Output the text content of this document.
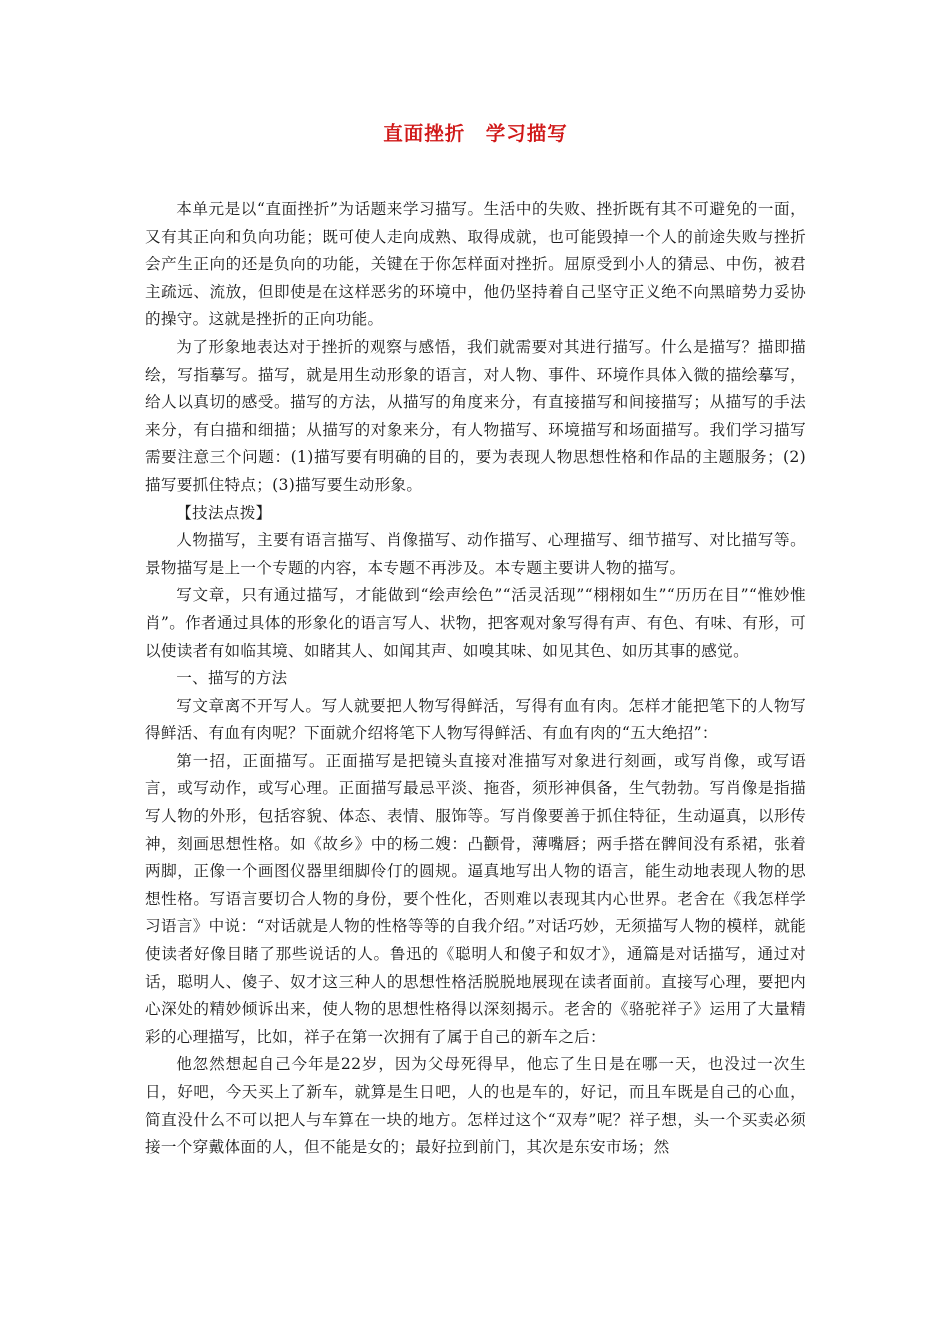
直面挫折　学习描写

本单元是以“直面挫折”为话题来学习描写。生活中的失败、挫折既有其不可避免的一面，又有其正向和负向功能；既可使人走向成熟、取得成就，也可能毁掉一个人的前途失败与挫折会产生正向的还是负向的功能，关键在于你怎样面对挫折。屈原受到小人的猜忌、中伤，被君主疏远、流放，但即使是在这样恶劣的环境中，他仍坚持着自己坚守正义绝不向黑暗势力妥协的操守。这就是挫折的正向功能。

为了形象地表达对于挫折的观察与感悟，我们就需要对其进行描写。什么是描写？描即描绘，写指摹写。描写，就是用生动形象的语言，对人物、事件、环境作具体入微的描绘摹写，给人以真切的感受。描写的方法，从描写的角度来分，有直接描写和间接描写；从描写的手法来分，有白描和细描；从描写的对象来分，有人物描写、环境描写和场面描写。我们学习描写需要注意三个问题：(1)描写要有明确的目的，要为表现人物思想性格和作品的主题服务；(2)描写要抓住特点；(3)描写要生动形象。

【技法点拨】

人物描写，主要有语言描写、肖像描写、动作描写、心理描写、细节描写、对比描写等。景物描写是上一个专题的内容，本专题不再涉及。本专题主要讲人物的描写。

写文章，只有通过描写，才能做到“绘声绘色”“活灵活现”“栩栩如生”“历历在目”“惟妙惟肖”。作者通过具体的形象化的语言写人、状物，把客观对象写得有声、有色、有味、有形，可以使读者有如临其境、如睹其人、如闻其声、如嗅其味、如见其色、如历其事的感觉。

一、描写的方法

写文章离不开写人。写人就要把人物写得鲜活，写得有血有肉。怎样才能把笔下的人物写得鲜活、有血有肉呢？下面就介绍将笔下人物写得鲜活、有血有肉的“五大绝招”：

第一招，正面描写。正面描写是把镜头直接对准描写对象进行刻画，或写肖像，或写语言，或写动作，或写心理。正面描写最忌平淡、拖沓，须形神俱备，生气勃勃。写肖像是指描写人物的外形，包括容貌、体态、表情、服饰等。写肖像要善于抓住特征，生动逼真，以形传神，刻画思想性格。如《故乡》中的杨二嫂：凸颧骨，薄嘴唇；两手搭在髀间没有系裙，张着两脚，正像一个画图仪器里细脚伶仃的圆规。逼真地写出人物的语言，能生动地表现人物的思想性格。写语言要切合人物的身份，要个性化，否则难以表现其内心世界。老舍在《我怎样学习语言》中说：“对话就是人物的性格等等的自我介绍。”对话巧妙，无须描写人物的模样，就能使读者好像目睹了那些说话的人。鲁迅的《聪明人和傻子和奴才》，通篇是对话描写，通过对话，聪明人、傻子、奴才这三种人的思想性格活脱脱地展现在读者面前。直接写心理，要把内心深处的精妙倾诉出来，使人物的思想性格得以深刻揭示。老舍的《骆驼祥子》运用了大量精彩的心理描写，比如，祥子在第一次拥有了属于自己的新车之后：

他忽然想起自己今年是22岁，因为父母死得早，他忘了生日是在哪一天，也没过一次生日，好吧，今天买上了新车，就算是生日吧，人的也是车的，好记，而且车既是自己的心血，简直没什么不可以把人与车算在一块的地方。怎样过这个“双寿”呢？祥子想，头一个买卖必须接一个穿戴体面的人，但不能是女的；最好拉到前门，其次是东安市场；然
